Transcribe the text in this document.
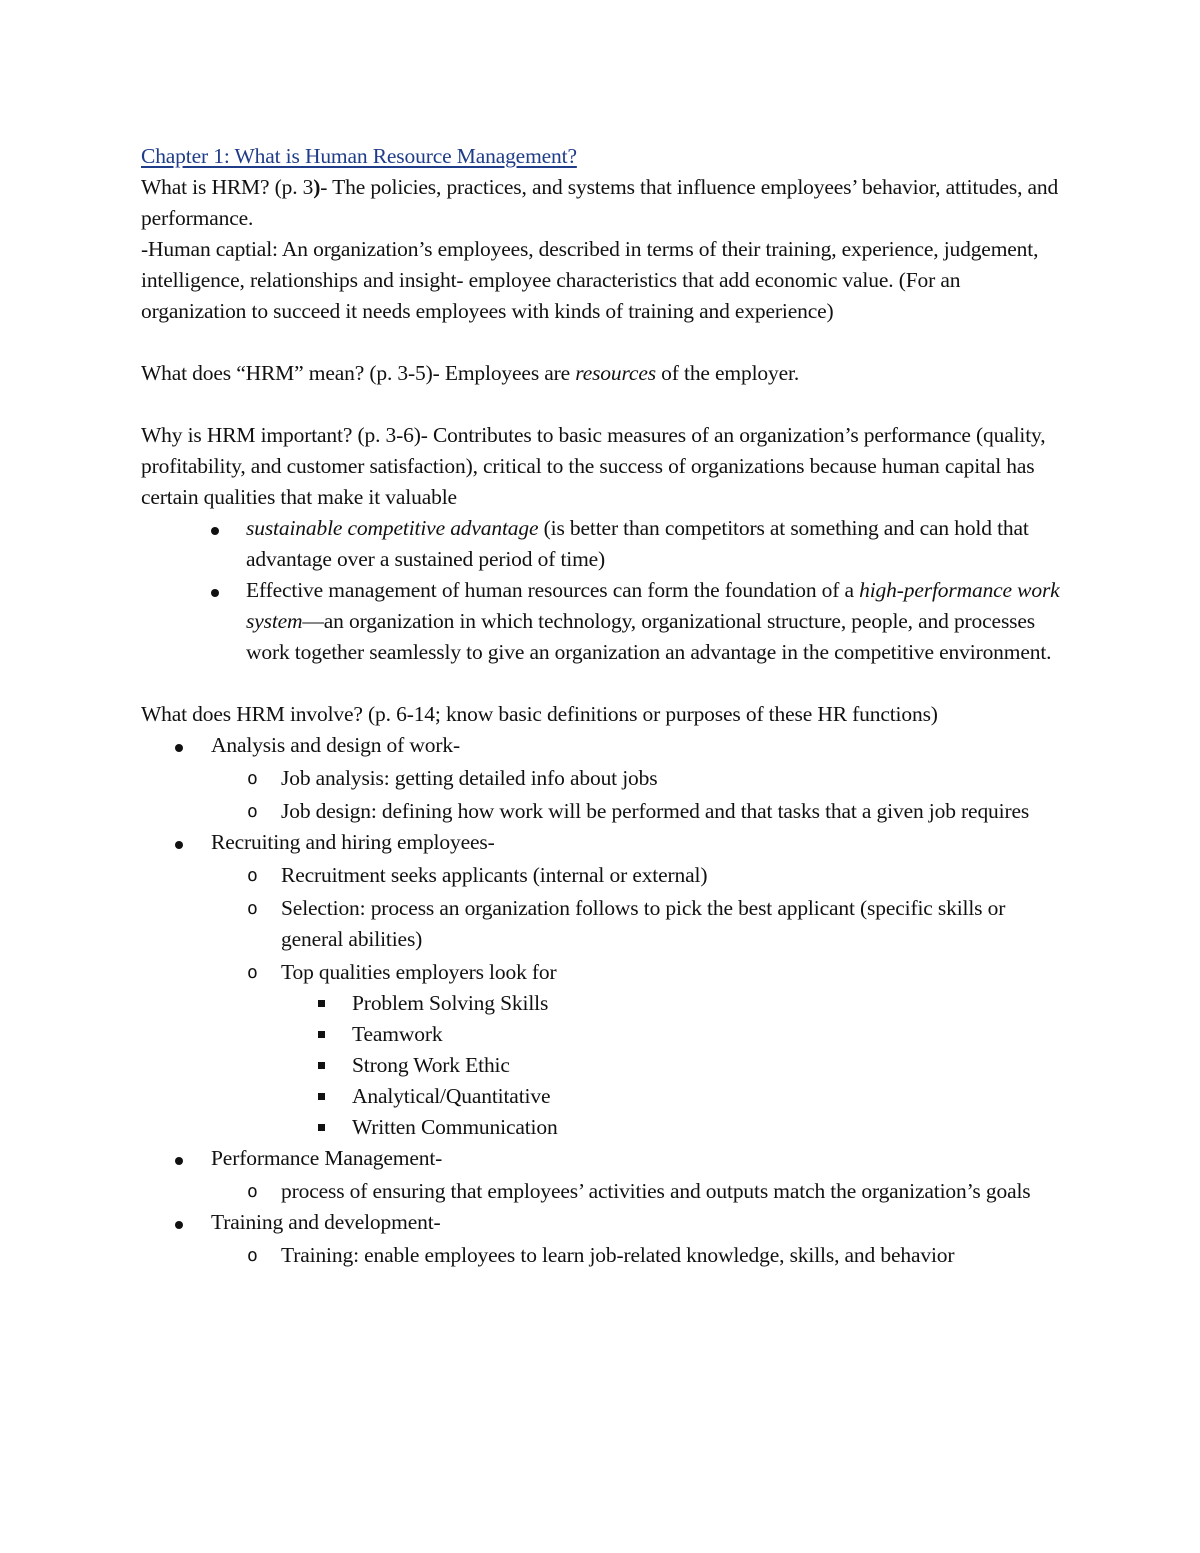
Chapter 1: What is Human Resource Management?

What is HRM? (p. 3)- The policies, practices, and systems that influence employees’ behavior, attitudes, and performance.

-Human captial: An organization’s employees, described in terms of their training, experience, judgement, intelligence, relationships and insight- employee characteristics that add economic value. (For an organization to succeed it needs employees with kinds of training and experience)

What does “HRM” mean? (p. 3-5)- Employees are resources of the employer.

Why is HRM important? (p. 3-6)- Contributes to basic measures of an organization’s performance (quality, profitability, and customer satisfaction), critical to the success of organizations because human capital has certain qualities that make it valuable

sustainable competitive advantage (is better than competitors at something and can hold that advantage over a sustained period of time)
Effective management of human resources can form the foundation of a high-performance work system—an organization in which technology, organizational structure, people, and processes work together seamlessly to give an organization an advantage in the competitive environment.

What does HRM involve? (p. 6-14; know basic definitions or purposes of these HR functions)

Analysis and design of work-
o Job analysis: getting detailed info about jobs
o Job design: defining how work will be performed and that tasks that a given job requires
Recruiting and hiring employees-
o Recruitment seeks applicants (internal or external)
o Selection: process an organization follows to pick the best applicant (specific skills or general abilities)
o Top qualities employers look for
Problem Solving Skills
Teamwork
Strong Work Ethic
Analytical/Quantitative
Written Communication
Performance Management-
o process of ensuring that employees’ activities and outputs match the organization’s goals
Training and development-
o Training: enable employees to learn job-related knowledge, skills, and behavior
